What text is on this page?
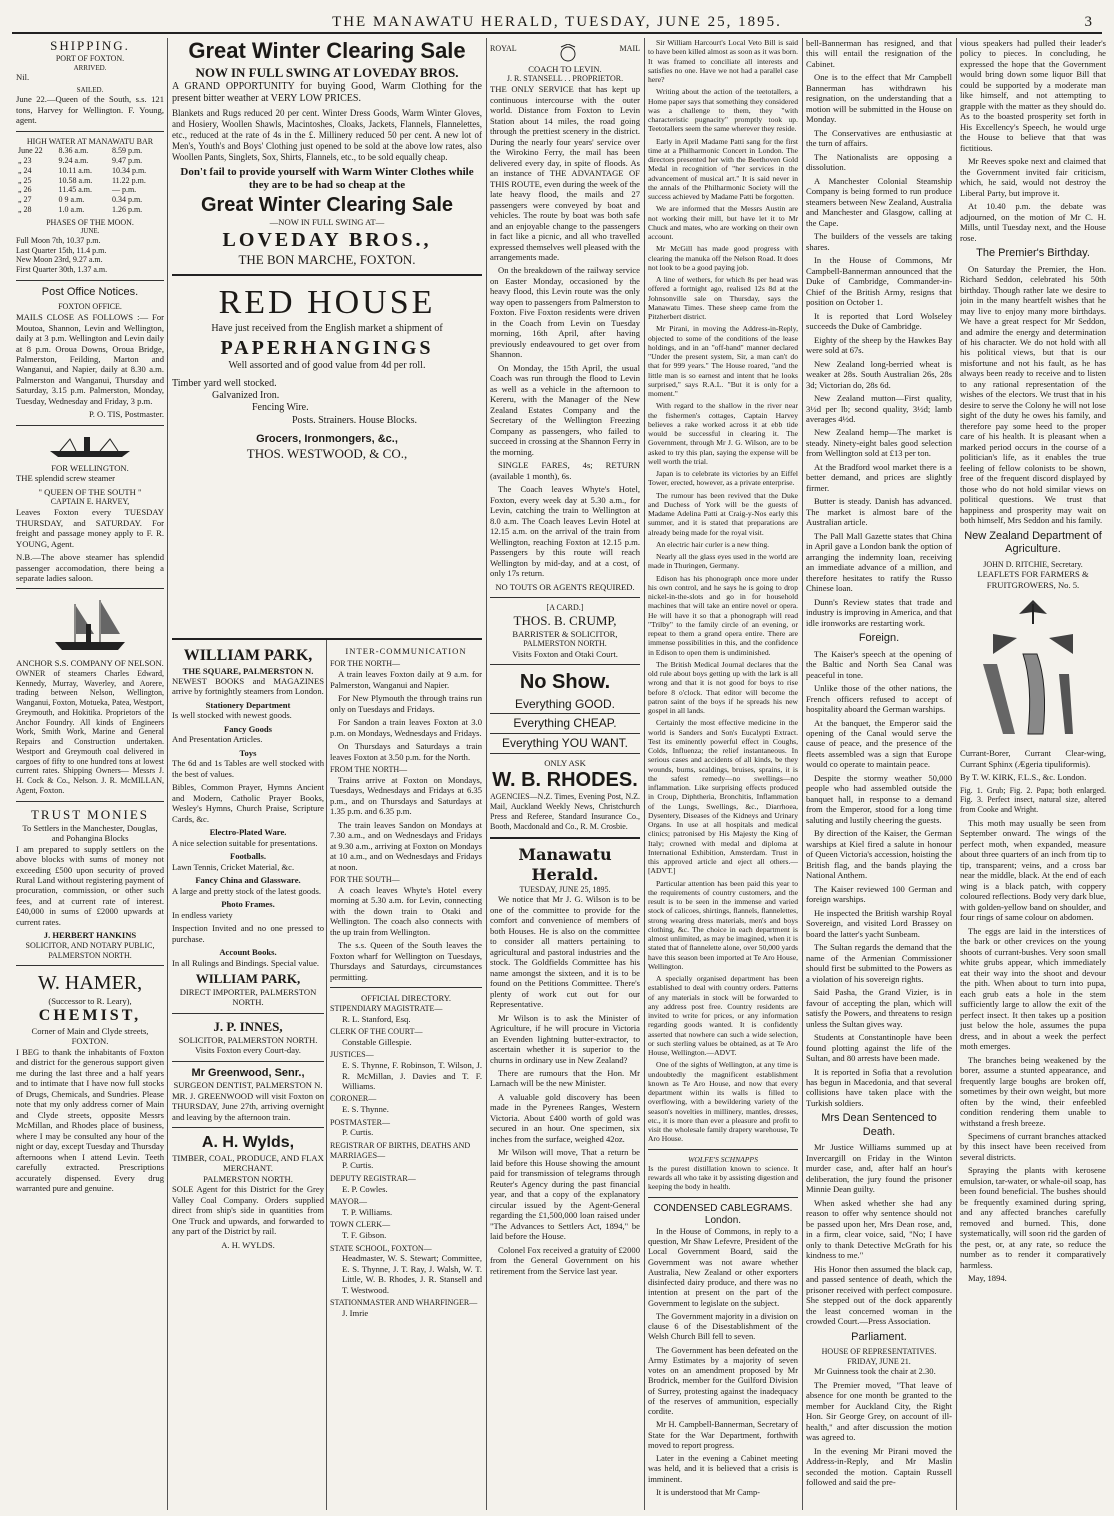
THE MANAWATU HERALD, TUESDAY, JUNE 25, 1895.	3
SHIPPING.
PORT OF FOXTON.
ARRIVED.
Nil.
SAILED.
June 22.—Queen of the South, s.s. 121 tons, Harvey for Wellington. F. Young, agent.
HIGH WATER AT MANAWATU BAR
June 22	8.36 a.m.	8.59 p.m.
„ 23	9.24 a.m.	9.47 p.m.
„ 24	10.11 a.m.	10.34 p.m.
„ 25	10.58 a.m.	11.22 p.m.
„ 26	11.45 a.m.	— p.m.
„ 27	0 9 a.m.	0.34 p.m.
„ 28	1.0 a.m.	1.26 p.m.
PHASES OF THE MOON.
JUNE.
Full Moon 7th, 10.37 p.m.
Last Quarter 15th, 11.4 p.m.
New Moon 23rd, 9.27 a.m.
First Quarter 30th, 1.37 a.m.
Post Office Notices.
FOXTON OFFICE.
MAILS CLOSE AS FOLLOWS :— For Moutoa, Shannon, Levin and Wellington, daily at 3 p.m. Wellington and Levin daily at 8 p.m. Oroua Downs, Oroua Bridge, Palmerston, Feilding, Marton and Wanganui, and Napier, daily at 8.30 a.m. Palmerston and Wanganui, Thursday and Saturday, 3.15 p.m. Palmerston, Monday, Tuesday, Wednesday and Friday, 3 p.m.
P. O. TIS, Postmaster.
FOR WELLINGTON.
THE splendid screw steamer
" QUEEN OF THE SOUTH "
CAPTAIN E. HARVEY,
Leaves Foxton every TUESDAY THURSDAY, and SATURDAY. For freight and passage money apply to F. R. YOUNG, Agent.
N.B.—The above steamer has splendid passenger accomodation, there being a separate ladies saloon.
ANCHOR S.S. COMPANY OF NELSON.
OWNER of steamers Charles Edward, Kennedy, Murray, Waverley, and Aorere, trading between Nelson, Wellington, Wanganui, Foxton, Motueka, Patea, Westport, Greymouth, and Hokitika. Proprietors of the Anchor Foundry. All kinds of Engineers Work, Smith Work, Marine and General Repairs and Construction undertaken. Westport and Greymouth coal delivered in cargoes of fifty to one hundred tons at lowest current rates. Shipping Owners— Messrs J. H. Cock & Co., Nelson. J. R. McMILLAN, Agent, Foxton.
TRUST MONIES
To Settlers in the Manchester, Douglas, and Pohangina Blocks
I am prepared to supply settlers on the above blocks with sums of money not exceeding £500 upon security of proved Rural Land without registering payment of procuration, commission, or other such fees, and at current rate of interest. £40,000 in sums of £2000 upwards at current rates.
J. HERBERT HANKINS
SOLICITOR, AND NOTARY PUBLIC, PALMERSTON NORTH.
W. HAMER,
(Successor to R. Leary),
CHEMIST,
Corner of Main and Clyde streets, FOXTON.
I BEG to thank the inhabitants of Foxton and district for the generous support given me during the last three and a half years and to intimate that I have now full stocks of Drugs, Chemicals, and Sundries. Please note that my only address corner of Main and Clyde streets, opposite Messrs McMillan, and Rhodes place of business, where I may be consulted any hour of the night or day, except Tuesday and Thursday afternoons when I attend Levin. Teeth carefully extracted. Prescriptions accurately dispensed. Every drug warranted pure and genuine.
Great Winter Clearing Sale
NOW IN FULL SWING AT LOVEDAY BROS.
A GRAND OPPORTUNITY for buying Good, Warm Clothing for the present bitter weather at VERY LOW PRICES.
Blankets and Rugs reduced 20 per cent. Winter Dress Goods, Warm Winter Gloves, and Hosiery, Woollen Shawls, Macintoshes, Cloaks, Jackets, Flannels, Flannelettes, etc., reduced at the rate of 4s in the £. Millinery reduced 50 per cent. A new lot of Men's, Youth's and Boys' Clothing just opened to be sold at the above low rates, also Woollen Pants, Singlets, Sox, Shirts, Flannels, etc., to be sold equally cheap.
Don't fail to provide yourself with Warm Winter Clothes while they are to be had so cheap at the
Great Winter Clearing Sale
—NOW IN FULL SWING AT—
LOVEDAY BROS.,
THE BON MARCHE, FOXTON.
RED HOUSE
Have just received from the English market a shipment of
PAPERHANGINGS
Well assorted and of good value from 4d per roll.
Timber yard well stocked.
Galvanized Iron.
Fencing Wire.
Posts. Strainers. House Blocks.
Grocers, Ironmongers, &c.,
THOS. WESTWOOD, & CO.,
WILLIAM PARK,
THE SQUARE, PALMERSTON N.
NEWEST BOOKS and MAGAZINES arrive by fortnightly steamers from London.
Stationery Department
Is well stocked with newest goods.
Fancy Goods
And Presentation Articles.
Toys
The 6d and 1s Tables are well stocked with the best of values.
Bibles, Common Prayer, Hymns Ancient and Modern, Catholic Prayer Books, Wesley's Hymns, Church Praise, Scripture Cards, &c.
Electro-Plated Ware.
A nice selection suitable for presentations.
Footballs.
Lawn Tennis, Cricket Material, &c.
Fancy China and Glassware.
A large and pretty stock of the latest goods.
Photo Frames.
In endless variety
Inspection Invited and no one pressed to purchase.
Account Books.
In all Rulings and Bindings. Special value.
WILLIAM PARK,
DIRECT IMPORTER, PALMERSTON NORTH.
J. P. INNES,
SOLICITOR, PALMERSTON NORTH. Visits Foxton every Court-day.
Mr Greenwood, Senr.,
SURGEON DENTIST, PALMERSTON N.
MR. J. GREENWOOD will visit Foxton on THURSDAY, June 27th, arriving overnight and leaving by the afternoon train.
A. H. Wylds,
TIMBER, COAL, PRODUCE, AND FLAX MERCHANT.
PALMERSTON NORTH.
SOLE Agent for this District for the Grey Valley Coal Company. Orders supplied direct from ship's side in quantities from One Truck and upwards, and forwarded to any part of the District by rail.
A. H. WYLDS.
INTER-COMMUNICATION
FOR THE NORTH—
A train leaves Foxton daily at 9 a.m. for Palmerston, Wanganui and Napier.
For New Plymouth the through trains run only on Tuesdays and Fridays.
For Sandon a train leaves Foxton at 3.0 p.m. on Mondays, Wednesdays and Fridays.
On Thursdays and Saturdays a train leaves Foxton at 3.50 p.m. for the North.
FROM THE NORTH—
Trains arrive at Foxton on Mondays, Tuesdays, Wednesdays and Fridays at 6.35 p.m., and on Thursdays and Saturdays at 1.35 p.m. and 6.35 p.m.
The train leaves Sandon on Mondays at 7.30 a.m., and on Wednesdays and Fridays at 9.30 a.m., arriving at Foxton on Mondays at 10 a.m., and on Wednesdays and Fridays at noon.
FOR THE SOUTH—
A coach leaves Whyte's Hotel every morning at 5.30 a.m. for Levin, connecting with the down train to Otaki and Wellington. The coach also connects with the up train from Wellington.
The s.s. Queen of the South leaves the Foxton wharf for Wellington on Tuesdays, Thursdays and Saturdays, circumstances permitting.
OFFICIAL DIRECTORY.
STIPENDIARY MAGISTRATE—
R. L. Stanford, Esq.
CLERK OF THE COURT—
Constable Gillespie.
JUSTICES—
E. S. Thynne, F. Robinson, T. Wilson, J. R. McMillan, J. Davies and T. F. Williams.
CORONER—
E. S. Thynne.
POSTMASTER—
P. Curtis.
REGISTRAR OF BIRTHS, DEATHS AND MARRIAGES—
P. Curtis.
DEPUTY REGISTRAR—
E. P. Cowles.
MAYOR—
T. P. Williams.
TOWN CLERK—
T. F. Gibson.
STATE SCHOOL, FOXTON—
Headmaster, W. S. Stewart; Committee, E. S. Thynne, J. T. Ray, J. Walsh, W. T. Little, W. B. Rhodes, J. R. Stansell and T. Westwood.
STATIONMASTER AND WHARFINGER—
J. Imrie
ROYAL	MAIL
COACH TO LEVIN.
J. R. STANSELL . . PROPRIETOR.
THE ONLY SERVICE that has kept up continuous intercourse with the outer world. Distance from Foxton to Levin Station about 14 miles, the road going through the prettiest scenery in the district. During the nearly four years' service over the Wirokino Ferry, the mail has been delivered every day, in spite of floods. As an instance of THE ADVANTAGE OF THIS ROUTE, even during the week of the late heavy flood, the mails and 27 passengers were conveyed by boat and vehicles. The route by boat was both safe and an enjoyable change to the passengers in fact like a picnic, and all who travelled expressed themselves well pleased with the arrangements made.
On the breakdown of the railway service on Easter Monday, occasioned by the heavy flood, this Levin route was the only way open to passengers from Palmerston to Foxton. Five Foxton residents were driven in the Coach from Levin on Tuesday morning, 16th April, after having previously endeavoured to get over from Shannon.
On Monday, the 15th April, the usual Coach was run through the flood to Levin as well as a vehicle in the afternoon to Kereru, with the Manager of the New Zealand Estates Company and the Secretary of the Wellington Freezing Company as passengers, who failed to succeed in crossing at the Shannon Ferry in the morning.
SINGLE FARES, 4s; RETURN (available 1 month), 6s.
The Coach leaves Whyte's Hotel, Foxton, every week day at 5.30 a.m., for Levin, catching the train to Wellington at 8.0 a.m. The Coach leaves Levin Hotel at 12.15 a.m. on the arrival of the train from Wellington, reaching Foxton at 12.15 p.m. Passengers by this route will reach Wellington by mid-day, and at a cost, of only 17s return.
NO TOUTS OR AGENTS REQUIRED.
[A CARD.]
THOS. B. CRUMP,
BARRISTER & SOLICITOR,
PALMERSTON NORTH.
Visits Foxton and Otaki Court.
No Show.
Everything GOOD.
Everything CHEAP.
Everything YOU WANT.
ONLY ASK
W. B. RHODES.
AGENCIES—N.Z. Times, Evening Post, N.Z. Mail, Auckland Weekly News, Christchurch Press and Referee, Standard Insurance Co., Booth, Macdonald and Co., R. M. Crosbie.
Manawatu Herald.
TUESDAY, JUNE 25, 1895.
We notice that Mr J. G. Wilson is to be one of the committee to provide for the comfort and convenience of members of both Houses. He is also on the committee to consider all matters pertaining to agricultural and pastoral industries and the stock. The Goldfields Committee has his name amongst the sixteen, and it is to be found on the Petitions Committee. There's plenty of work cut out for our Representative.
Mr Wilson is to ask the Minister of Agriculture, if he will procure in Victoria an Evenden lightning butter-extractor, to ascertain whether it is superior to the churns in ordinary use in New Zealand?
There are rumours that the Hon. Mr Larnach will be the new Minister.
A valuable gold discovery has been made in the Pyrenees Ranges, Western Victoria. About £400 worth of gold was secured in an hour. One specimen, six inches from the surface, weighed 42oz.
Mr Wilson will move, That a return be laid before this House showing the amount paid for transmission of telegrams through Reuter's Agency during the past financial year, and that a copy of the explanatory circular issued by the Agent-General regarding the £1,500,000 loan raised under "The Advances to Settlers Act, 1894," be laid before the House.
Colonel Fox received a gratuity of £2000 from the General Government on his retirement from the Service last year.
Sir William Harcourt's Local Veto Bill is said to have been killed almost as soon as it was born. It was framed to conciliate all interests and satisfies no one. Have we not had a parallel case here?
Writing about the action of the teetotallers, a Home paper says that something they considered was a challenge to them, they "with characteristic pugnacity" promptly took up. Teetotallers seem the same wherever they reside.
Early in April Madame Patti sang for the first time at a Philharmonic Concert in London. The directors presented her with the Beethoven Gold Medal in recognition of "her services in the advancement of musical art." It is said never in the annals of the Philharmonic Society will the success achieved by Madame Patti be forgotten.
We are informed that the Messrs Austin are not working their mill, but have let it to Mr Chuck and mates, who are working on their own account.
Mr McGill has made good progress with clearing the manuka off the Nelson Road. It does not look to be a good paying job.
A line of wethers, for which 8s per head was offered a fortnight ago, realised 12s 8d at the Johnsonville sale on Thursday, says the Manawatu Times. These sheep came from the Pitzherbert district.
Mr Pirani, in moving the Address-in-Reply, objected to some of the conditions of the lease holdings, and in an "off-hand" manner declared "Under the present system, Sir, a man can't do that for 999 years." The House roared, "and the little man is so earnest and intent that he looks surprised," says R.A.L. "But it is only for a moment."
With regard to the shallow in the river near the fishermen's cottages, Captain Harvey believes a rake worked across it at ebb tide would be successful in clearing it. The Government, through Mr J. G. Wilson, are to be asked to try this plan, saying the expense will be well worth the trial.
Japan is to celebrate its victories by an Eiffel Tower, erected, however, as a private enterprise.
The rumour has been revived that the Duke and Duchess of York will be the guests of Madame Adelina Patti at Craig-y-Nos early this summer, and it is stated that preparations are already being made for the royal visit.
An electric hair curler is a new thing.
Nearly all the glass eyes used in the world are made in Thuringen, Germany.
Edison has his phonograph once more under his own control, and he says he is going to drop nickel-in-the-slots and go in for household machines that will take an entire novel or opera. He will have it so that a phonograph will read "Trilby" to the family circle of an evening, or repeat to them a grand opera entire. There are immense possibilities in this, and the confidence in Edison to open them is undiminished.
The British Medical Journal declares that the old rule about boys getting up with the lark is all wrong and that it is not good for boys to rise before 8 o'clock. That editor will become the patron saint of the boys if he spreads his new gospel in all lands.
Certainly the most effective medicine in the world is Sanders and Son's Eucalypti Extract. Test its eminently powerful effect in Coughs, Colds, Influenza; the relief instantaneous. In serious cases and accidents of all kinds, be they wounds, burns, scaldings, bruises, sprains, it is the safest remedy—no swellings—no inflammation. Like surprising effects produced in Croup, Diphtheria, Bronchitis, Inflammation of the Lungs, Swellings, &c., Diarrhoea, Dysentery, Diseases of the Kidneys and Urinary Organs. In use at all hospitals and medical clinics; patronised by His Majesty the King of Italy; crowned with medal and diploma at International Exhibition, Amsterdam. Trust in this approved article and eject all others.—[ADVT.]
Particular attention has been paid this year to the requirements of country customers, and the result is to be seen in the immense and varied stock of calicoes, shirtings, flannels, flannelettes, strong wearing dress materials, men's and boys clothing, &c. The choice in each department is almost unlimited, as may be imagined, when it is stated that of flannelette alone, over 50,000 yards have this season been imported at Te Aro House, Wellington.
A specially organised department has been established to deal with country orders. Patterns of any materials in stock will be forwarded to any address post free. Country residents are invited to write for prices, or any information regarding goods wanted. It is confidently asserted that nowhere can such a wide selection, or such sterling values be obtained, as at Te Aro House, Wellington.—ADVT.
One of the sights of Wellington, at any time is undoubtedly the magnificent establishment known as Te Aro House, and now that every department within its walls is filled to overflowing, with a bewildering variety of the season's novelties in millinery, mantles, dresses, etc., it is more than ever a pleasure and profit to visit the wholesale family drapery warehouse, Te Aro House.
WOLFE'S SCHNAPPS
Is the purest distillation known to science. It rewards all who take it by assisting digestion and keeping the body in health.
CONDENSED CABLEGRAMS.
London.
In the House of Commons, in reply to a question, Mr Shaw Lefevre, President of the Local Government Board, said the Government was not aware whether Australia, New Zealand or other exporters disinfected dairy produce, and there was no intention at present on the part of the Government to legislate on the subject.
The Government majority in a division on clause 6 of the Disestablishment of the Welsh Church Bill fell to seven.
The Government has been defeated on the Army Estimates by a majority of seven votes on an amendment proposed by Mr Brodrick, member for the Guilford Division of Surrey, protesting against the inadequacy of the reserves of ammunition, especially cordite.
Mr H. Campbell-Bannerman, Secretary of State for the War Department, forthwith moved to report progress.
Later in the evening a Cabinet meeting was held, and it is believed that a crisis is imminent.
It is understood that Mr Camp-
bell-Bannerman has resigned, and that this will entail the resignation of the Cabinet.
One is to the effect that Mr Campbell Bannerman has withdrawn his resignation, on the understanding that a motion will be submitted in the House on Monday.
The Conservatives are enthusiastic at the turn of affairs.
The Nationalists are opposing a dissolution.
A Manchester Colonial Steamship Company is being formed to run produce steamers between New Zealand, Australia and Manchester and Glasgow, calling at the Cape.
The builders of the vessels are taking shares.
In the House of Commons, Mr Campbell-Bannerman announced that the Duke of Cambridge, Commander-in-Chief of the British Army, resigns that position on October 1.
It is reported that Lord Wolseley succeeds the Duke of Cambridge.
Eighty of the sheep by the Hawkes Bay were sold at 67s.
New Zealand long-berried wheat is weaker at 28s. South Australian 26s, 28s 3d; Victorian do, 28s 6d.
New Zealand mutton—First quality, 3½d per lb; second quality, 3½d; lamb averages 4½d.
New Zealand hemp—The market is steady. Ninety-eight bales good selection from Wellington sold at £13 per ton.
At the Bradford wool market there is a better demand, and prices are slightly firmer.
Butter is steady. Danish has advanced. The market is almost bare of the Australian article.
The Pall Mall Gazette states that China in April gave a London bank the option of arranging the indemnity loan, receiving an immediate advance of a million, and therefore hesitates to ratify the Russo Chinese loan.
Dunn's Review states that trade and industry is improving in America, and that idle ironworks are restarting work.
Foreign.
The Kaiser's speech at the opening of the Baltic and North Sea Canal was peaceful in tone.
Unlike those of the other nations, the French officers refused to accept of hospitality aboard the German warships.
At the banquet, the Emperor said the opening of the Canal would serve the cause of peace, and the presence of the fleets assembled was a sign that Europe would co operate to maintain peace.
Despite the stormy weather 50,000 people who had assembled outside the banquet hall, in response to a demand from the Emperor, stood for a long time saluting and lustily cheering the guests.
By direction of the Kaiser, the German warships at Kiel fired a salute in honour of Queen Victoria's accession, hoisting the British flag, and the bands playing the National Anthem.
The Kaiser reviewed 100 German and foreign warships.
He inspected the British warship Royal Sovereign, and visited Lord Brassey on board the latter's yacht Sunbeam.
The Sultan regards the demand that the name of the Armenian Commissioner should first be submitted to the Powers as a violation of his sovereign rights.
Said Pasha, the Grand Vizier, is in favour of accepting the plan, which will satisfy the Powers, and threatens to resign unless the Sultan gives way.
Students at Constantinople have been found plotting against the life of the Sultan, and 80 arrests have been made.
It is reported in Sofia that a revolution has begun in Macedonia, and that several collisions have taken place with the Turkish soldiers.
Mrs Dean Sentenced to Death.
Mr Justice Williams summed up at Invercargill on Friday in the Winton murder case, and, after half an hour's deliberation, the jury found the prisoner Minnie Dean guilty.
When asked whether she had any reason to offer why sentence should not be passed upon her, Mrs Dean rose, and, in a firm, clear voice, said, "No; I have only to thank Detective McGrath for his kindness to me."
His Honor then assumed the black cap, and passed sentence of death, which the prisoner received with perfect composure. She stepped out of the dock apparently the least concerned woman in the crowded Court.—Press Association.
Parliament.
HOUSE OF REPRESENTATIVES.
FRIDAY, JUNE 21.
Mr Guinness took the chair at 2.30.
The Premier moved, "That leave of absence for one month be granted to the member for Auckland City, the Right Hon. Sir George Grey, on account of ill-health," and after discussion the motion was agreed to.
In the evening Mr Pirani moved the Address-in-Reply, and Mr Maslin seconded the motion. Captain Russell followed and said the pre-
vious speakers had pulled their leader's policy to pieces. In concluding, he expressed the hope that the Government would bring down some liquor Bill that could be supported by a moderate man like himself, and not attempting to grapple with the matter as they should do. As to the boasted prosperity set forth in His Excellency's Speech, he would urge the House to believe that that was fictitious.
Mr Reeves spoke next and claimed that the Government invited fair criticism, which, he said, would not destroy the Liberal Party, but improve it.
At 10.40 p.m. the debate was adjourned, on the motion of Mr C. H. Mills, until Tuesday next, and the House rose.
The Premier's Birthday.
On Saturday the Premier, the Hon. Richard Seddon, celebrated his 50th birthday. Though rather late we desire to join in the many heartfelt wishes that he may live to enjoy many more birthdays. We have a great respect for Mr Seddon, and admire the energy and determination of his character. We do not hold with all his political views, but that is our misfortune and not his fault, as he has always been ready to receive and to listen to any rational representation of the wishes of the electors. We trust that in his desire to serve the Colony he will not lose sight of the duty he owes his family, and therefore pay some heed to the proper care of his health. It is pleasant when a marked period occurs in the course of a politician's life, as it enables the true feeling of fellow colonists to be shown, free of the frequent discord displayed by those who do not hold similar views on political questions. We trust that happiness and prosperity may wait on both himself, Mrs Seddon and his family.
New Zealand Department of Agriculture.
JOHN D. RITCHIE, Secretary.
LEAFLETS FOR FARMERS & FRUITGROWERS, No. 5.
Currant-Borer, Currant Clear-wing, Currant Sphinx (Ægeria tipuliformis).
By T. W. KIRK, F.L.S., &c. London.
Fig. 1. Grub; Fig. 2. Papa; both enlarged. Fig. 3. Perfect insect, natural size, altered from Cooke and Wright.
This moth may usually be seen from September onward. The wings of the perfect moth, when expanded, measure about three quarters of an inch from tip to tip, transparent; veins, and a cross bar near the middle, black. At the end of each wing is a black patch, with coppery coloured reflections. Body very dark blue, with golden-yellow band on shoulder, and four rings of same colour on abdomen.
The eggs are laid in the interstices of the bark or other crevices on the young shoots of currant-bushes. Very soon small white grubs appear, which immediately eat their way into the shoot and devour the pith. When about to turn into pupa, each grub eats a hole in the stem sufficiently large to allow the exit of the perfect insect. It then takes up a position just below the hole, assumes the pupa dress, and in about a week the perfect moth emerges.
The branches being weakened by the borer, assume a stunted appearance, and frequently large boughs are broken off, sometimes by their own weight, but more often by the wind, their enfeebled condition rendering them unable to withstand a fresh breeze.
Specimens of currant branches attacked by this insect have been received from several districts.
Spraying the plants with kerosene emulsion, tar-water, or whale-oil soap, has been found beneficial. The bushes should be frequently examined during spring, and any affected branches carefully removed and burned. This, done systematically, will soon rid the garden of the pest, or, at any rate, so reduce the number as to render it comparatively harmless.
May, 1894.
